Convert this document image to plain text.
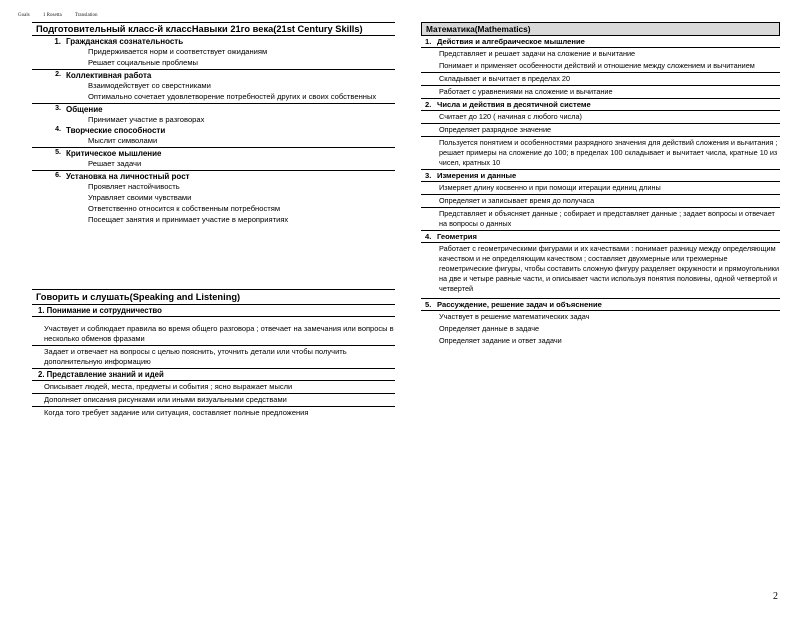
Goals	1 Rosetta	Translation
Подготовительный класс-й классНавыки 21го века(21st Century Skills)
1. Гражданская сознательность
Придерживается норм и соответствует ожиданиям
Решает социальные проблемы
2. Коллективная работа
Взаимодействует со сверстниками
Оптимально сочетает удовлетворение потребностей других и своих собственных
3. Общение
Принимает участие в разговорах
4. Творческие способности
Мыслит символами
5. Критическое мышление
Решает задачи
6. Установка на личностный рост
Проявляет настойчивость
Управляет своими чувствами
Ответственно относится к собственным потребностям
Посещает занятия и принимает участие в мероприятиях
Говорить и слушать(Speaking and Listening)
1. Понимание и сотрудничество
Участвует и соблюдает правила во время общего разговора ; отвечает на замечания или вопросы в несколько обменов фразами
Задает и отвечает на вопросы с целью пояснить, уточнить детали или чтобы получить дополнительную информацию
2. Представление знаний и идей
Описывает людей, места, предметы и события ; ясно выражает мысли
Дополняет описания рисунками или иными визуальными средствами
Когда того требует задание или ситуация, составляет полные предложения
Математика(Mathematics)
1. Действия и алгебраическое мышление
Представляет и решает задачи на сложение и вычитание
Понимает и применяет особенности действий и отношение между сложением и вычитанием
Складывает и вычитает в пределах 20
Работает с уравнениями на сложение и вычитание
2. Числа и действия в десятичной системе
Считает до 120 ( начиная с любого числа)
Определяет разрядное значение
Пользуется понятием и особенностями разрядного значения для действий сложения и вычитания ; решает примеры на сложение до 100; в пределах 100 складывает и вычитает числа, кратные 10 из чисел, кратных 10
3. Измерения и данные
Измеряет длину косвенно и при помощи итерации единиц длины
Определяет и записывает время до получаса
Представляет и объясняет данные ; собирает и представляет данные ; задает вопросы и отвечает на вопросы о данных
4. Геометрия
Работает с геометрическими фигурами и их качествами : понимает разницу между определяющим качеством и не определяющим качеством ; составляет двухмерные или трехмерные геометрические фигуры, чтобы составить сложную фигуру разделяет окружности и прямоугольники на две и четыре равные части, и описывает части используя понятия половины, одной четвертой и четвертей
5. Рассуждение, решение задач и объяснение
Участвует в решение математических задач
Определяет данные в задаче
Определяет задание и ответ задачи
2
